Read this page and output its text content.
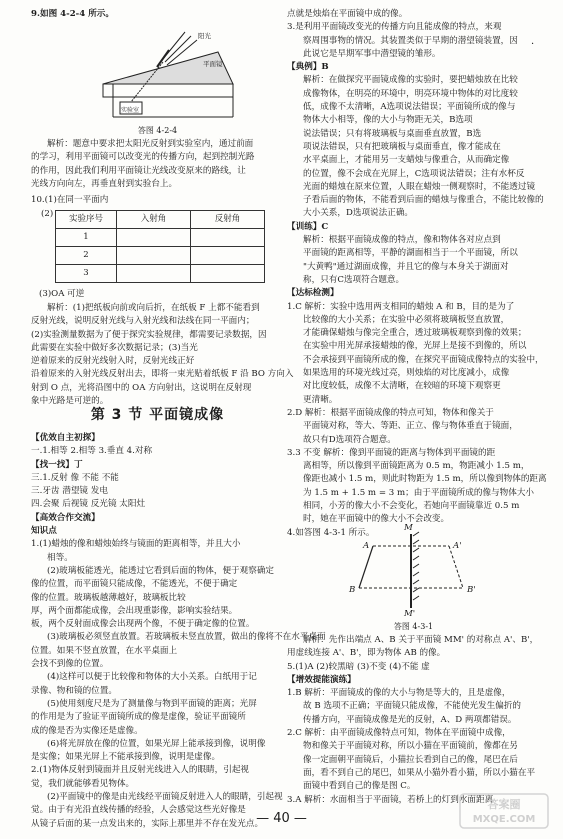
9.如图 4-2-4 所示。
阳光
平面镜
实验室
答图 4-2-4
解析：题意中要求把太阳光反射到实验室内，通过前面
的学习，利用平面镜可以改变光的传播方向，起到控制光路
的作用，因此我们利用平面镜让光线改变原来的路线，让
光线方向向左，再垂直射到实验台上。
10.(1)在同一平面内
(2) 实验序号	入射角	反射角
1		
2		
3		
(3)OA 可逆
解析：(1)把纸板向前或向后折，在纸板 F 上都不能看到
反射光线，说明反射光线与入射光线和法线在同一平面内；
(2)实验测量数据为了便于探究实验规律，都需要记录数据，因
此需要在实验中做好多次数据记录；(3)当光
逆着原来的反射光线射入时，反射光线正好
沿着原来的入射光线反射出去，即将一束光贴着纸板 F 沿 BO 方向入
射到 O 点，光将沿图中的 OA 方向射出，这说明在反射现
象中光路是可逆的。
第 3 节 平面镜成像
【优效自主初探】
一.1.相等 2.相等 3.垂直 4.对称
【找一找】丁
三.1.反射 像 不能 不能
三.牙齿 潜望镜 发电
四.会聚 后视镜 反光镜 太阳灶
【高效合作交流】
知识点
1.(1)蜡烛的像和蜡烛始终与镜面的距离相等，并且大小
相等。
(2)玻璃板能透光，能透过它看到后面的物体，便于观察确定
像的位置，而平面镜只能成像，不能透光，不便于确定
像的位置。玻璃板越薄越好，玻璃板比较
厚，两个面都能成像，会出现重影像，影响实验结果。
板，两个反射面成像会出现两个像，不便于确定像的位置。
(3)玻璃板必须竖直放置。若玻璃板未竖直放置，做出的像将不在水平桌面
位置。如果不竖直放置，在水平桌面上
会找不到像的位置。
(4)这样可以便于比较像和物体的大小关系。白纸用于记
录像、物和镜的位置。
(5)使用刻度尺是为了测量像与物到平面镜的距离；光屏
的作用是为了验证平面镜所成的像是虚像，验证平面镜所
成的像是否为实像还是虚像。
(6)将光屏放在像的位置，如果光屏上能承接到像，说明像
是实像；如果光屏上不能承接到像，说明是虚像。
2.(1)物体反射到镜面并且反射光线进入人的眼睛，引起视
觉，我们就能够看见物体。
(2)平面镜中的像是由光线经平面镜反射进入人的眼睛，引起视
觉。由于有光沿直线传播的经验，人会感觉这些光好像是
从镜子后面的某一点发出来的，实际上那里并不存在发光点。
·
点就是烛焰在平面镜中成的像。
3.是利用平面镜改变光的传播方向且能成像的特点，来观
察周围事物的情况。其装置类似于早期的潜望镜装置，因
此说它是早期军事中潜望镜的雏形。
【典例】B
解析：在做探究平面镜成像的实验时，要把蜡烛放在比较
成像物体，在明亮的环境中，明亮环境中物体的对比度较
低，成像不太清晰，A选项说法错误；平面镜所成的像与
物体大小相等，像的大小与物距无关，B选项
说法错误；只有将玻璃板与桌面垂直放置，B选
项说法错误，只有把玻璃板与桌面垂直，像才能成在
水平桌面上，才能用另一支蜡烛与像重合，从而确定像
的位置，像不会成在光屏上，C选项说法错误；注有水杯反
光面的蜡烛在原来位置，人眼在蜡烛一侧观察时，不能透过镜
子看后面的物体，不能看到后面的蜡烛与像重合，不能比较像的
大小关系，D选项说法正确。
【训练】C
解析：根据平面镜成像的特点，像和物体各对应点到
平面镜的距离相等，平静的湖面相当于一个平面镜，所以
"大黄鸭"通过湖面成像，并且它的像与本身关于湖面对
称，只有C选项符合题意。
【达标检测】
1.C 解析：实验中选用两支相同的蜡烛 A 和 B，目的是为了
比较像的大小关系；在实验中必须将玻璃板竖直放置，
才能确保蜡烛与像完全重合，透过玻璃板观察到像的效果；
在实验中用光屏承接蜡烛的像，光屏上是接不到像的，所以
不会承接到平面镜所成的像，在探究平面镜成像特点的实验中，
如果选用的环境光线过亮，则烛焰的对比度减小，成像
对比度较低，成像不太清晰，在较暗的环境下观察更
更清晰。
2.D 解析：根据平面镜成像的特点可知，物体和像关于
平面镜对称，等大、等距、正立、像与物体垂直于镜面，
故只有D选项符合题意。
3.3 不变 解析：像到平面镜的距离与物体到平面镜的距
离相等，所以像到平面镜距离为 0.5 m，物距减小 1.5 m，
像距也减小 1.5 m，则此时物距为 1.5 m，所以像到物体的距离
为 1.5 m + 1.5 m = 3 m；由于平面镜所成的像与物体大小
相同，小芳的像大小不会变化，若她向平面镜靠近 0.5 m
时，她在平面镜中的像大小不会改变。
4.如答图 4-3-1 所示。	M
M'
A
B
A'
B'
答图 4-3-1
解析：先作出端点 A、B 关于平面镜 MM' 的对称点 A'、B'，
用虚线连接 A'、B'，即为物体 AB 的像。
5.(1)A (2)较黑暗 (3)不变 (4)不能 虚
【增效提能演练】
1.B 解析：平面镜成的像的大小与物是等大的，且是虚像，
故 B 选项不正确；平面镜只能成像，不能使光发生偏折的
传播方向，平面镜成像是光的反射，A、D 两项都错误。
2.C 解析：由平面镜成像特点可知，物体在平面镜中成像，
物和像关于平面镜对称，所以小猫在平面镜前，像都在另
像一定面朝平面镜后，小猫拉长看到自己的像，尾巴在后
面，看不到自己的尾巴，如果从小猫外看小猫，所以小猫在平
面镜中看到自己的像是图 C。
3.A 解析：水面相当于平面镜，若桥上的灯到水面距离
— 40 —
答案圈
MXQE.COM
